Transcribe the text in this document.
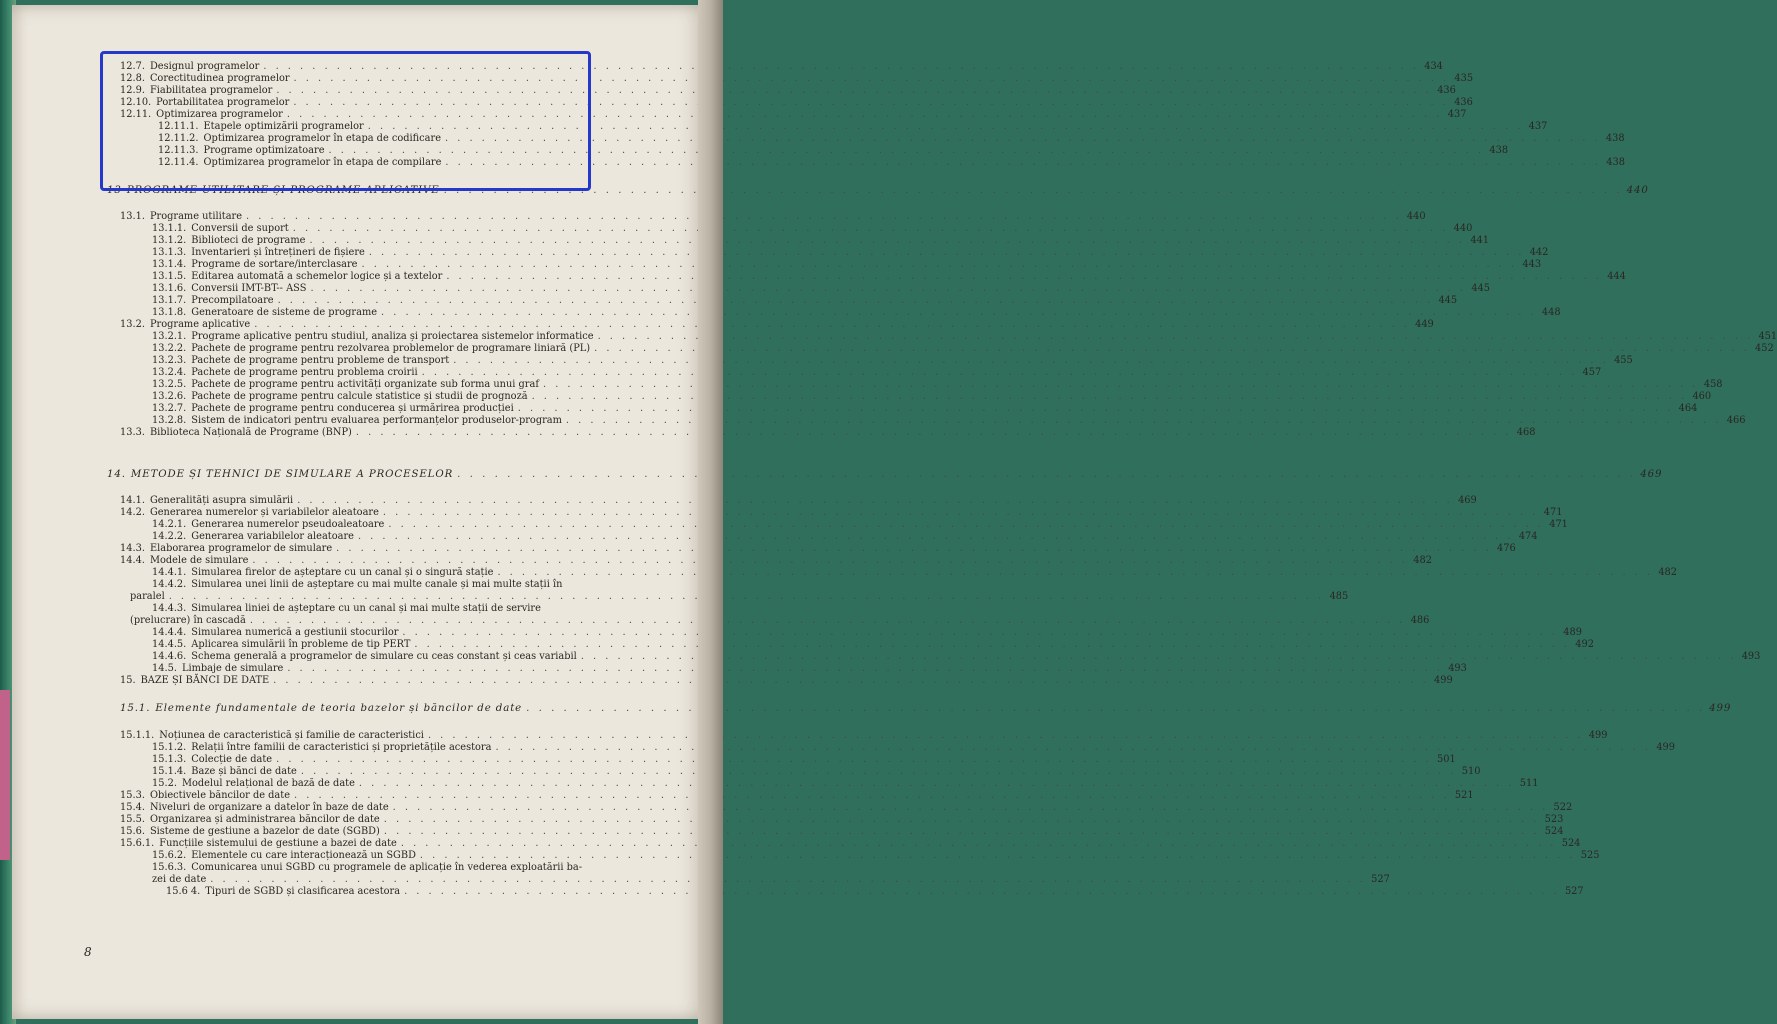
12.7. Designul programelor . . .	434
12.8. Corectitudinea programelor . . .	435
12.9. Fiabilitatea programelor . . .	436
12.10. Portabilitatea programelor . . .	436
12.11. Optimizarea programelor . . .	437
12.11.1. Etapele optimizării programelor . . .	437
12.11.2. Optimizarea programelor în etapa de codificare . . .	438
12.11.3. Programe optimizatoare . . .	438
12.11.4. Optimizarea programelor în etapa de compilare . . .	438
13 PROGRAME UTILITARE ȘI PROGRAME APLICATIVE . . .	440
13.1. Programe utilitare . . .	440
13.1.1. Conversii de suport . . .	440
13.1.2. Biblioteci de programe . . .	441
13.1.3. Inventarieri și întrețineri de fișiere . . .	442
13.1.4. Programe de sortare/interclasare . . .	443
13.1.5. Editarea automată a schemelor logice și a textelor . . .	444
13.1.6. Conversii IMT-BT-- ASS . . .	445
13.1.7. Precompilatoare . . .	445
13.1.8. Generatoare de sisteme de programe . . .	448
13.2. Programe aplicative . . .	449
13.2.1. Programe aplicative pentru studiul, analiza și proiectarea sistemelor informatice . . .	451
13.2.2. Pachete de programe pentru rezolvarea problemelor de programare liniară (PL) . . .	452
13.2.3. Pachete de programe pentru probleme de transport . . .	455
13.2.4. Pachete de programe pentru problema croirii . . .	457
13.2.5. Pachete de programe pentru activități organizate sub forma unui graf . . .	458
13.2.6. Pachete de programe pentru calcule statistice și studii de prognoză . . .	460
13.2.7. Pachete de programe pentru conducerea și urmărirea producției . . .	464
13.2.8. Sistem de indicatori pentru evaluarea performanțelor produselor-program . . .	466
13.3. Biblioteca Națională de Programe (BNP) . . .	468
14. METODE ȘI TEHNICI DE SIMULARE A PROCESELOR . . .	469
14.1. Generalități asupra simulării . . .	469
14.2. Generarea numerelor și variabilelor aleatoare . . .	471
14.2.1. Generarea numerelor pseudoaleatoare . . .	471
14.2.2. Generarea variabilelor aleatoare . . .	474
14.3. Elaborarea programelor de simulare . . .	476
14.4. Modele de simulare . . .	482
14.4.1. Simularea firelor de așteptare cu un canal și o singură stație . . .	482
14.4.2. Simularea unei linii de așteptare cu mai multe canale și mai multe stații în
paralel . . .	485
14.4.3. Simularea liniei de așteptare cu un canal și mai multe stații de servire
(prelucrare) în cascadă . . .	486
14.4.4. Simularea numerică a gestiunii stocurilor . . .	489
14.4.5. Aplicarea simulării în probleme de tip PERT . . .	492
14.4.6. Schema generală a programelor de simulare cu ceas constant și ceas variabil . . .	493
14.5. Limbaje de simulare . . .	493
15. BAZE ȘI BĂNCI DE DATE . . .	499
15.1. Elemente fundamentale de teoria bazelor și băncilor de date . . .	499
15.1.1. Noțiunea de caracteristică și familie de caracteristici . . .	499
15.1.2. Relații între familii de caracteristici și proprietățile acestora . . .	499
15.1.3. Colecție de date . . .	501
15.1.4. Baze și bănci de date . . .	510
15.2. Modelul relațional de bază de date . . .	511
15.3. Obiectivele băncilor de date . . .	521
15.4. Niveluri de organizare a datelor în baze de date . . .	522
15.5. Organizarea și administrarea băncilor de date . . .	523
15.6. Sisteme de gestiune a bazelor de date (SGBD) . . .	524
15.6.1. Funcțiile sistemului de gestiune a bazei de date . . .	524
15.6.2. Elementele cu care interacționează un SGBD . . .	525
15.6.3. Comunicarea unui SGBD cu programele de aplicație în vederea exploatării ba-
zei de date . . .	527
15.6 4. Tipuri de SGBD și clasificarea acestora . . .	527
8
